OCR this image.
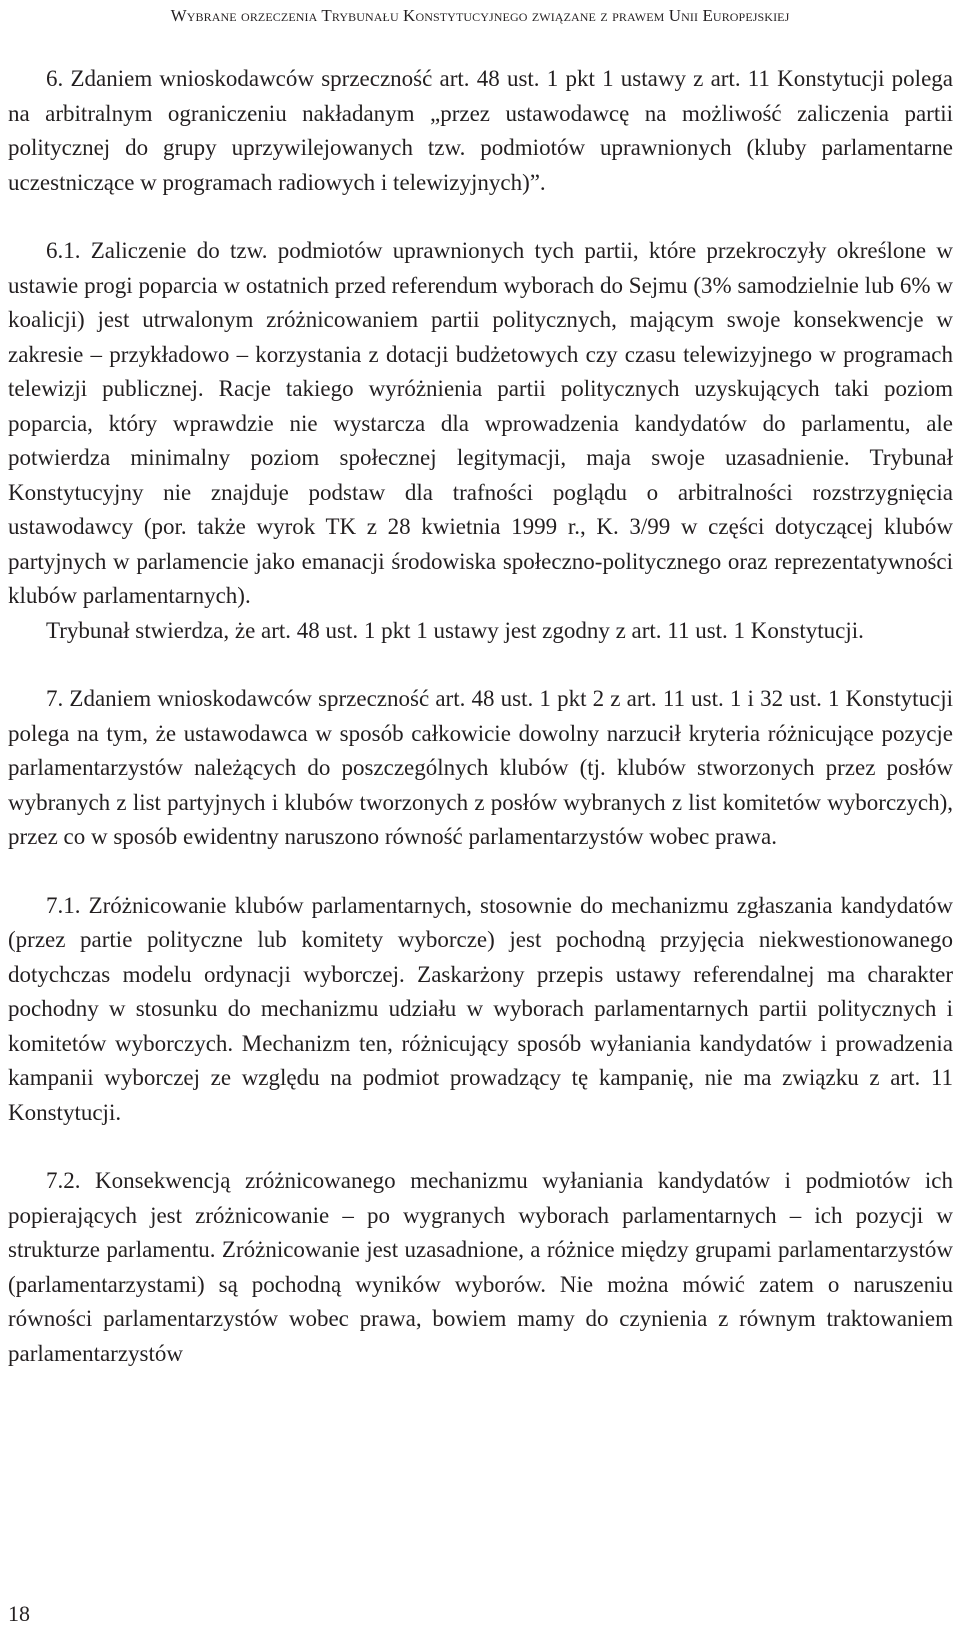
Wybrane orzeczenia Trybunału Konstytucyjnego związane z prawem Unii Europejskiej

6. Zdaniem wnioskodawców sprzeczność art. 48 ust. 1 pkt 1 ustawy z art. 11 Konstytucji polega na arbitralnym ograniczeniu nakładanym „przez ustawodawcę na możliwość zaliczenia partii politycznej do grupy uprzywilejowanych tzw. podmiotów uprawnionych (kluby parlamentarne uczestniczące w programach radiowych i telewizyjnych)”.

6.1. Zaliczenie do tzw. podmiotów uprawnionych tych partii, które przekroczyły określone w ustawie progi poparcia w ostatnich przed referendum wyborach do Sejmu (3% samodzielnie lub 6% w koalicji) jest utrwalonym zróżnicowaniem partii politycznych, mającym swoje konsekwencje w zakresie – przykładowo – korzystania z dotacji budżetowych czy czasu telewizyjnego w programach telewizji publicznej. Racje takiego wyróżnienia partii politycznych uzyskujących taki poziom poparcia, który wprawdzie nie wystarcza dla wprowadzenia kandydatów do parlamentu, ale potwierdza minimalny poziom społecznej legitymacji, maja swoje uzasadnienie. Trybunał Konstytucyjny nie znajduje podstaw dla trafności poglądu o arbitralności rozstrzygnięcia ustawodawcy (por. także wyrok TK z 28 kwietnia 1999 r., K. 3/99 w części dotyczącej klubów partyjnych w parlamencie jako emanacji środowiska społeczno-politycznego oraz reprezentatywności klubów parlamentarnych).

Trybunał stwierdza, że art. 48 ust. 1 pkt 1 ustawy jest zgodny z art. 11 ust. 1 Konstytucji.

7. Zdaniem wnioskodawców sprzeczność art. 48 ust. 1 pkt 2 z art. 11 ust. 1 i 32 ust. 1 Konstytucji polega na tym, że ustawodawca w sposób całkowicie dowolny narzucił kryteria różnicujące pozycje parlamentarzystów należących do poszczególnych klubów (tj. klubów stworzonych przez posłów wybranych z list partyjnych i klubów tworzonych z posłów wybranych z list komitetów wyborczych), przez co w sposób ewidentny naruszono równość parlamentarzystów wobec prawa.

7.1. Zróżnicowanie klubów parlamentarnych, stosownie do mechanizmu zgłaszania kandydatów (przez partie polityczne lub komitety wyborcze) jest pochodną przyjęcia niekwestionowanego dotychczas modelu ordynacji wyborczej. Zaskarżony przepis ustawy referendalnej ma charakter pochodny w stosunku do mechanizmu udziału w wyborach parlamentarnych partii politycznych i komitetów wyborczych. Mechanizm ten, różnicujący sposób wyłaniania kandydatów i prowadzenia kampanii wyborczej ze względu na podmiot prowadzący tę kampanię, nie ma związku z art. 11 Konstytucji.

7.2. Konsekwencją zróżnicowanego mechanizmu wyłaniania kandydatów i podmiotów ich popierających jest zróżnicowanie – po wygranych wyborach parlamentarnych – ich pozycji w strukturze parlamentu. Zróżnicowanie jest uzasadnione, a różnice między grupami parlamentarzystów (parlamentarzystami) są pochodną wyników wyborów. Nie można mówić zatem o naruszeniu równości parlamentarzystów wobec prawa, bowiem mamy do czynienia z równym traktowaniem parlamentarzystów

18
